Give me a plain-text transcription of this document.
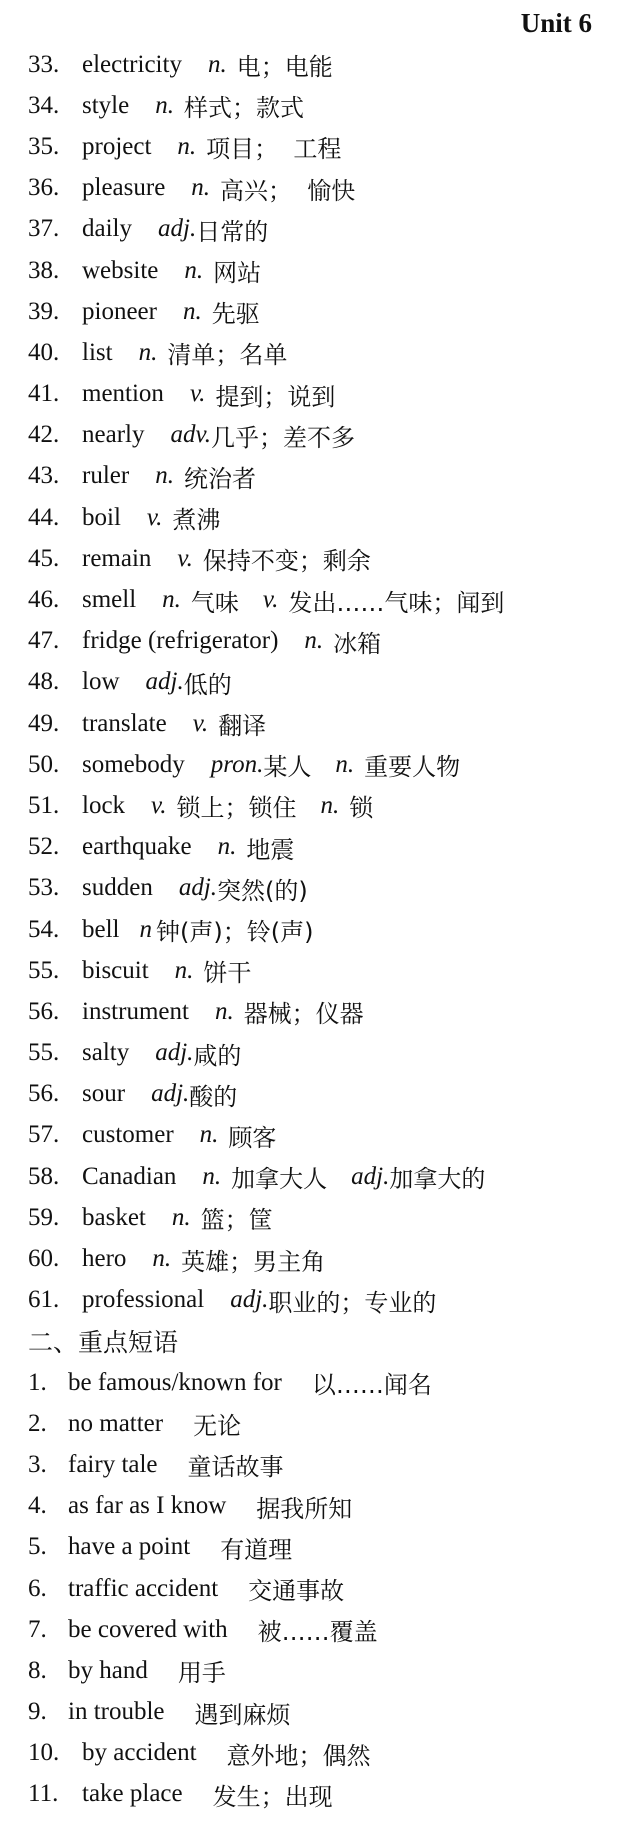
Unit 6
33. electricity n. 电；电能
34. style n. 样式；款式
35. project n. 项目；  工程
36. pleasure n. 高兴；  愉快
37. daily adj. 日常的
38. website n. 网站
39. pioneer n. 先驱
40. list n. 清单；名单
41. mention v. 提到；说到
42. nearly adv. 几乎；差不多
43. ruler n. 统治者
44. boil v. 煮沸
45. remain v. 保持不变；剩余
46. smell n. 气味 v. 发出……气味；闻到
47. fridge (refrigerator) n. 冰箱
48. low adj. 低的
49. translate v. 翻译
50. somebody pron. 某人 n. 重要人物
51. lock v. 锁上；锁住 n. 锁
52. earthquake n. 地震
53. sudden adj. 突然(的)
54. bell n 钟(声)；铃(声)
55. biscuit n. 饼干
56. instrument n. 器械；仪器
55. salty adj. 咸的
56. sour adj. 酸的
57. customer n. 顾客
58. Canadian n. 加拿大人 adj. 加拿大的
59. basket n. 篮；筐
60. hero n. 英雄；男主角
61. professional adj. 职业的；专业的
二、重点短语
1. be famous/known for 以……闻名
2. no matter 无论
3. fairy tale 童话故事
4. as far as I know 据我所知
5. have a point 有道理
6. traffic accident 交通事故
7. be covered with 被……覆盖
8. by hand 用手
9. in trouble 遇到麻烦
10. by accident 意外地；偶然
11. take place 发生；出现
